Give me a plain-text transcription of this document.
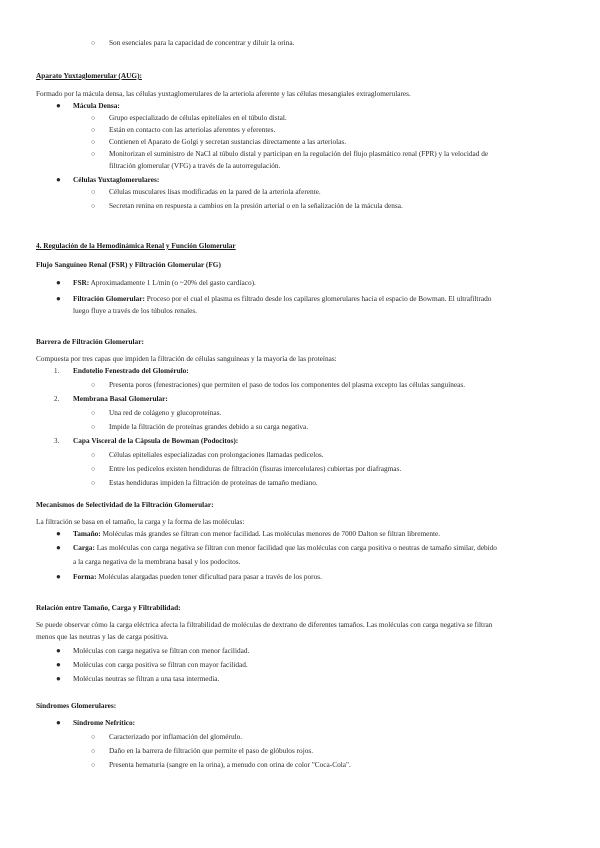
○ Son esenciales para la capacidad de concentrar y diluir la orina.
Aparato Yuxtaglomerular (AUG):
Formado por la mácula densa, las células yuxtaglomerulares de la arteriola aferente y las células mesangiales extraglomerulares.
● Mácula Densa:
○ Grupo especializado de células epiteliales en el túbulo distal.
○ Están en contacto con las arteriolas aferentes y eferentes.
○ Contienen el Aparato de Golgi y secretan sustancias directamente a las arteriolas.
○ Monitorizan el suministro de NaCl al túbulo distal y participan en la regulación del flujo plasmático renal (FPR) y la velocidad de
filtración glomerular (VFG) a través de la autorregulación.
● Células Yuxtaglomerulares:
○ Células musculares lisas modificadas en la pared de la arteriola aferente.
○ Secretan renina en respuesta a cambios en la presión arterial o en la señalización de la mácula densa.
4. Regulación de la Hemodinámica Renal y Función Glomerular
Flujo Sanguíneo Renal (FSR) y Filtración Glomerular (FG)
● FSR: Aproximadamente 1 L/min (o ~20% del gasto cardíaco).
● Filtración Glomerular: Proceso por el cual el plasma es filtrado desde los capilares glomerulares hacia el espacio de Bowman. El ultrafiltrado
luego fluye a través de los túbulos renales.
Barrera de Filtración Glomerular:
Compuesta por tres capas que impiden la filtración de células sanguíneas y la mayoría de las proteínas:
1. Endotelio Fenestrado del Glomérulo:
○ Presenta poros (fenestraciones) que permiten el paso de todos los componentes del plasma excepto las células sanguíneas.
2. Membrana Basal Glomerular:
○ Una red de colágeno y glucoproteínas.
○ Impide la filtración de proteínas grandes debido a su carga negativa.
3. Capa Visceral de la Cápsula de Bowman (Podocitos):
○ Células epiteliales especializadas con prolongaciones llamadas pedicelos.
○ Entre los pedicelos existen hendiduras de filtración (fisuras intercelulares) cubiertas por diafragmas.
○ Estas hendiduras impiden la filtración de proteínas de tamaño mediano.
Mecanismos de Selectividad de la Filtración Glomerular:
La filtración se basa en el tamaño, la carga y la forma de las moléculas:
● Tamaño: Moléculas más grandes se filtran con menor facilidad. Las moléculas menores de 7000 Dalton se filtran libremente.
● Carga: Las moléculas con carga negativa se filtran con menor facilidad que las moléculas con carga positiva o neutras de tamaño similar, debido
a la carga negativa de la membrana basal y los podocitos.
● Forma: Moléculas alargadas pueden tener dificultad para pasar a través de los poros.
Relación entre Tamaño, Carga y Filtrabilidad:
Se puede observar cómo la carga eléctrica afecta la filtrabilidad de moléculas de dextrano de diferentes tamaños. Las moléculas con carga negativa se filtran
menos que las neutras y las de carga positiva.
● Moléculas con carga negativa se filtran con menor facilidad.
● Moléculas con carga positiva se filtran con mayor facilidad.
● Moléculas neutras se filtran a una tasa intermedia.
Síndromes Glomerulares:
● Síndrome Nefrítico:
○ Caracterizado por inflamación del glomérulo.
○ Daño en la barrera de filtración que permite el paso de glóbulos rojos.
○ Presenta hematuria (sangre en la orina), a menudo con orina de color "Coca-Cola".
